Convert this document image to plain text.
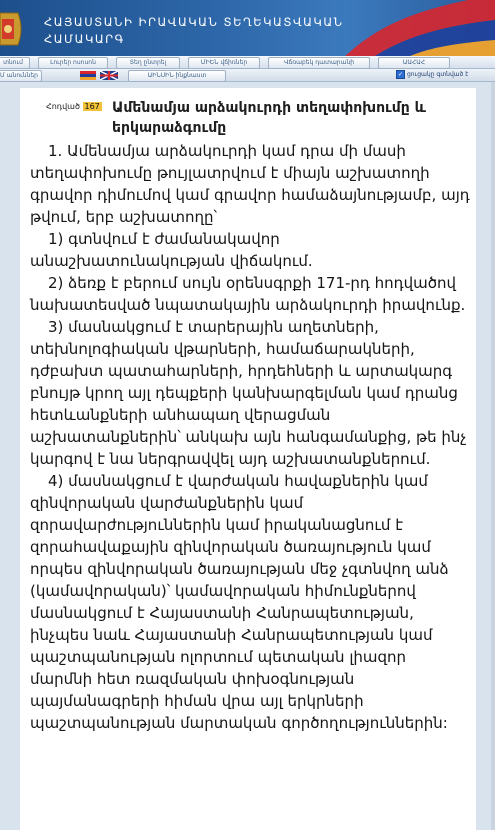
ՀԱՅԱՍՏԱՆԻ ԻՐԱՎԱԿԱՆ ՏԵՂԵԿԱՏՎԱԿԱՆ
ՀԱՄԱԿԱՐԳ
տնում	Լուրեր ոսոսոն	Տեղ ընտրել	ՄԻԵՆ վճիռներ	Վճռաբեկ դատարանի	ԱԱՀԱՀ
Մ անուններ	ԱԻՆՍԻՆ ինքնաստ	✓ ցուցակը գտնված է
Հոդված 167 Ամենամյա արձակուրդի տեղափոխումը և երկարաձգումը

1. Ամենամյա արձակուրդի կամ դրա մի մասի տեղափոխումը թույլատրվում է միայն աշխատողի գրավոր դիմումով կամ գրավոր համաձայնությամբ, այդ թվում, երբ աշխատողը՝

1) գտնվում է ժամանակավոր անաշխատունակության վիճակում.

2) ձեռք է բերում սույն օրենսգրքի 171-րդ հոդվածով նախատեսված նպատակային արձակուրդի իրավունք.

3) մասնակցում է տարերային աղետների, տեխնոլոգիական վթարների, համաճարակների, դժբախտ պատահարների, հրդեհների և արտակարգ բնույթ կրող այլ դեպքերի կանխարգելման կամ դրանց հետևանքների անհապաղ վերացման աշխատանքներին՝ անկախ այն հանգամանքից, թե ինչ կարգով է նա ներգրավվել այդ աշխատանքներում.

4) մասնակցում է վարժական հավաքներին կամ զինվորական վարժանքներին կամ զորավարժություններին կամ իրականացնում է զորահավաքային զինվորական ծառայություն կամ որպես զինվորական ծառայության մեջ չգտնվող անձ (կամավորական)՝ կամավորական հիմունքներով մասնակցում է Հայաստանի Հանրապետության, ինչպես նաև Հայաստանի Հանրապետության կամ պաշտպանության ոլորտում պետական լիազոր մարմնի հետ ռազմական փոխօգնության պայմանագրերի հիման վրա այլ երկրների պաշտպանության մարտական գործողություններին:
